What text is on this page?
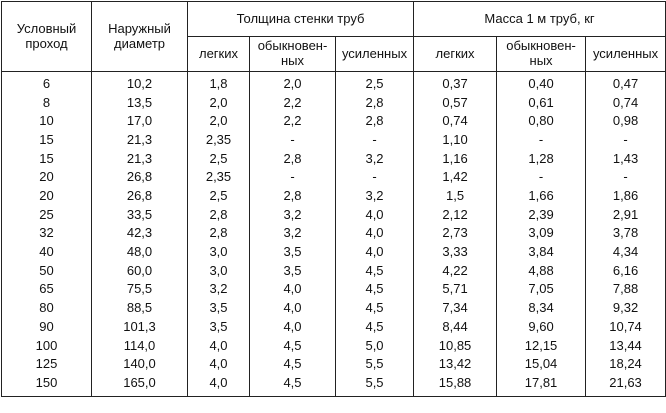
Условный проход	Наружный диаметр	Толщина стенки труб			Масса 1 м труб, кг		
		легких	обыкновен-ных	усиленных	легких	обыкновен-ных	усиленных
6	10,2	1,8	2,0	2,5	0,37	0,40	0,47
8	13,5	2,0	2,2	2,8	0,57	0,61	0,74
10	17,0	2,0	2,2	2,8	0,74	0,80	0,98
15	21,3	2,35	-	-	1,10	-	-
15	21,3	2,5	2,8	3,2	1,16	1,28	1,43
20	26,8	2,35	-	-	1,42	-	-
20	26,8	2,5	2,8	3,2	1,5	1,66	1,86
25	33,5	2,8	3,2	4,0	2,12	2,39	2,91
32	42,3	2,8	3,2	4,0	2,73	3,09	3,78
40	48,0	3,0	3,5	4,0	3,33	3,84	4,34
50	60,0	3,0	3,5	4,5	4,22	4,88	6,16
65	75,5	3,2	4,0	4,5	5,71	7,05	7,88
80	88,5	3,5	4,0	4,5	7,34	8,34	9,32
90	101,3	3,5	4,0	4,5	8,44	9,60	10,74
100	114,0	4,0	4,5	5,0	10,85	12,15	13,44
125	140,0	4,0	4,5	5,5	13,42	15,04	18,24
150	165,0	4,0	4,5	5,5	15,88	17,81	21,63
